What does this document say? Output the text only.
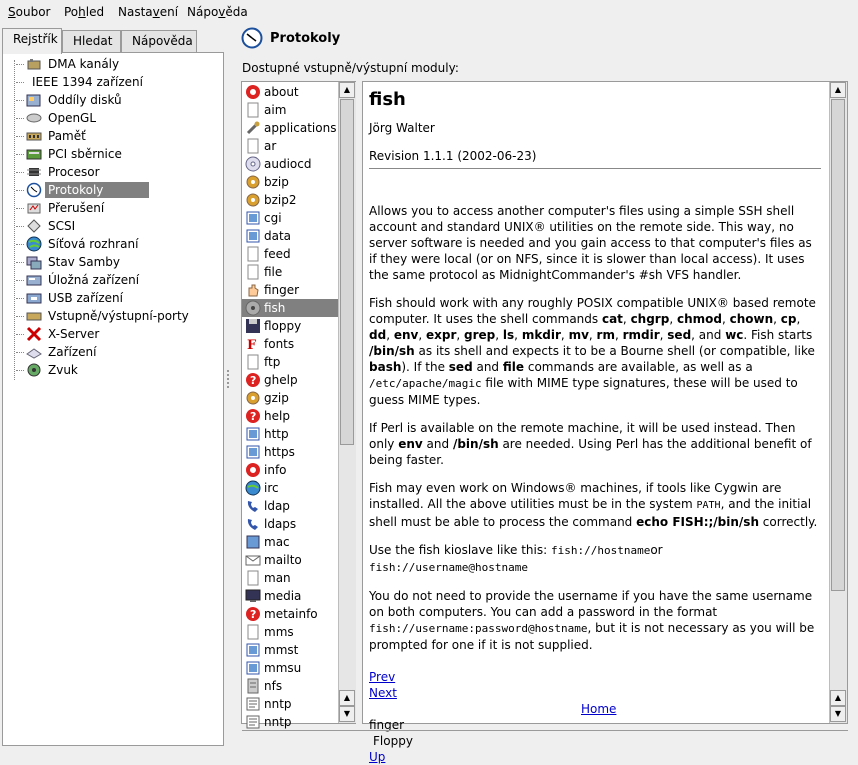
Soubor Pohled Nastavení Nápověda
Rejstřík	Hledat	Nápověda
DMA kanály
IEEE 1394 zařízení
Oddíly disků
OpenGL
Paměť
PCI sběrnice
Procesor
Protokoly
Přerušení
SCSI
Síťová rozhraní
Stav Samby
Úložná zařízení
USB zařízení
Vstupně/výstupní-porty
X-Server
Zařízení
Zvuk
Protokoly
Dostupné vstupně/výstupní moduly:
about
aim
applications
ar
audiocd
bzip
bzip2
cgi
data
feed
file
finger
fish
floppy
F fonts
ftp
? ghelp
gzip
? help
http
https
info
irc
ldap
ldaps
mac
mailto
man
media
? metainfo
mms
mmst
mmsu
nfs
nntp
nntp
▲
▲
▼
fish

Jörg Walter

Revision 1.1.1 (2002-06-23)

Allows you to access another computer's files using a simple SSH shell account and standard UNIX® utilities on the remote side. This way, no server software is needed and you gain access to that computer's files as if they were local (or on NFS, since it is slower than local access). It uses the same protocol as MidnightCommander's #sh VFS handler.

Fish should work with any roughly POSIX compatible UNIX® based remote computer. It uses the shell commands cat, chgrp, chmod, chown, cp, dd, env, expr, grep, ls, mkdir, mv, rm, rmdir, sed, and wc. Fish starts /bin/sh as its shell and expects it to be a Bourne shell (or compatible, like bash). If the sed and file commands are available, as well as a /etc/apache/magic file with MIME type signatures, these will be used to guess MIME types.

If Perl is available on the remote machine, it will be used instead. Then only env and /bin/sh are needed. Using Perl has the additional benefit of being faster.

Fish may even work on Windows® machines, if tools like Cygwin are installed. All the above utilities must be in the system PATH, and the initial shell must be able to process the command echo FISH:;/bin/sh correctly.

Use the fish kioslave like this: fish://hostnameor fish://username@hostname

You do not need to provide the username if you have the same username on both computers. You can add a password in the format fish://username:password@hostname, but it is not necessary as you will be prompted for one if it is not supplied.

Prev
Next
Home
finger
Floppy
Up
▲
▲
▼
